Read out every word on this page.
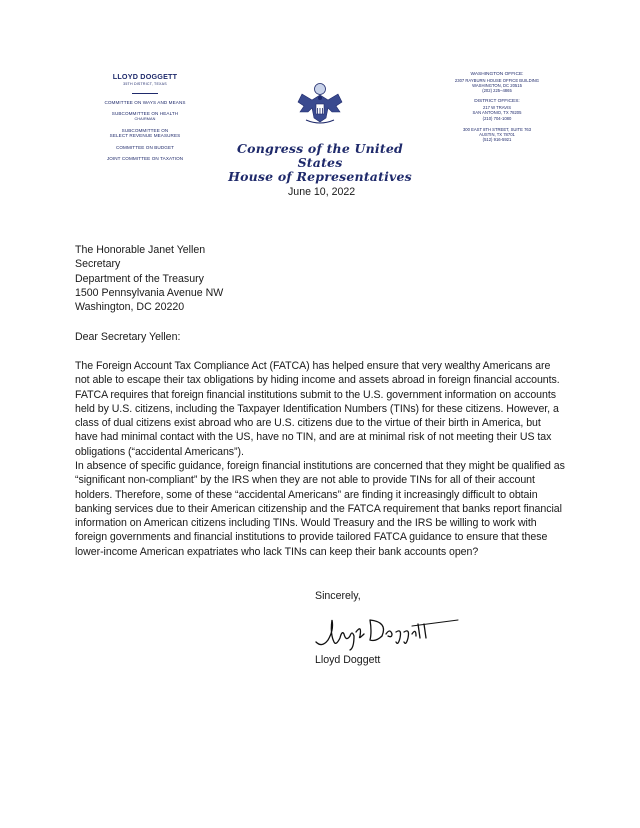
LLOYD DOGGETT
35TH DISTRICT, TEXAS
COMMITTEE ON WAYS AND MEANS
SUBCOMMITTEE ON HEALTH
CHAIRMAN
SUBCOMMITTEE ON
SELECT REVENUE MEASURES
COMMITTEE ON BUDGET
JOINT COMMITTEE ON TAXATION
Congress of the United States
House of Representatives
WASHINGTON OFFICE:
2307 RAYBURN HOUSE OFFICE BUILDING
WASHINGTON, DC 20515
(202) 225–4865
DISTRICT OFFICES:
217 W TRAVIS
SAN ANTONIO, TX 78205
(210) 704-1080
300 EAST 8TH STREET, SUITE 763
AUSTIN, TX 78701
(512) 916-5921
June 10, 2022
The Honorable Janet Yellen
Secretary
Department of the Treasury
1500 Pennsylvania Avenue NW
Washington, DC 20220
Dear Secretary Yellen:
The Foreign Account Tax Compliance Act (FATCA) has helped ensure that very wealthy Americans are not able to escape their tax obligations by hiding income and assets abroad in foreign financial accounts. FATCA requires that foreign financial institutions submit to the U.S. government information on accounts held by U.S. citizens, including the Taxpayer Identification Numbers (TINs) for these citizens. However, a class of dual citizens exist abroad who are U.S. citizens due to the virtue of their birth in America, but have had minimal contact with the US, have no TIN, and are at minimal risk of not meeting their US tax obligations (“accidental Americans”).
In absence of specific guidance, foreign financial institutions are concerned that they might be qualified as “significant non-compliant” by the IRS when they are not able to provide TINs for all of their account holders. Therefore, some of these “accidental Americans” are finding it increasingly difficult to obtain banking services due to their American citizenship and the FATCA requirement that banks report financial information on American citizens including TINs. Would Treasury and the IRS be willing to work with foreign governments and financial institutions to provide tailored FATCA guidance to ensure that these lower-income American expatriates who lack TINs can keep their bank accounts open?
Sincerely,
Lloyd Doggett
